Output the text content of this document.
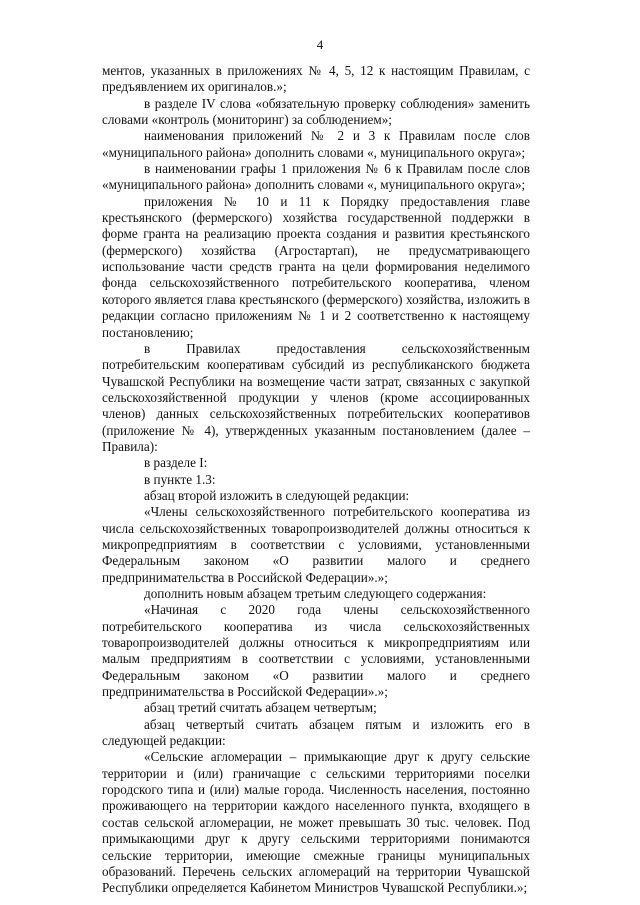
4

ментов, указанных в приложениях № 4, 5, 12 к настоящим Правилам, с предъявлением их оригиналов.»;

в разделе IV слова «обязательную проверку соблюдения» заменить словами «контроль (мониторинг) за соблюдением»;

наименования приложений № 2 и 3 к Правилам после слов «муниципального района» дополнить словами «, муниципального округа»;

в наименовании графы 1 приложения № 6 к Правилам после слов «муниципального района» дополнить словами «, муниципального округа»;

приложения № 10 и 11 к Порядку предоставления главе крестьянского (фермерского) хозяйства государственной поддержки в форме гранта на реализацию проекта создания и развития крестьянского (фермерского) хозяйства (Агростартап), не предусматривающего использование части средств гранта на цели формирования неделимого фонда сельскохозяйственного потребительского кооператива, членом которого является глава крестьянского (фермерского) хозяйства, изложить в редакции согласно приложениям № 1 и 2 соответственно к настоящему постановлению;

в Правилах предоставления сельскохозяйственным потребительским кооперативам субсидий из республиканского бюджета Чувашской Республики на возмещение части затрат, связанных с закупкой сельскохозяйственной продукции у членов (кроме ассоциированных членов) данных сельскохозяйственных потребительских кооперативов (приложение № 4), утвержденных указанным постановлением (далее – Правила):

в разделе I:

в пункте 1.3:

абзац второй изложить в следующей редакции:

«Члены сельскохозяйственного потребительского кооператива из числа сельскохозяйственных товаропроизводителей должны относиться к микропредприятиям в соответствии с условиями, установленными Федеральным законом «О развитии малого и среднего предпринимательства в Российской Федерации».»;

дополнить новым абзацем третьим следующего содержания:

«Начиная с 2020 года члены сельскохозяйственного потребительского кооператива из числа сельскохозяйственных товаропроизводителей должны относиться к микропредприятиям или малым предприятиям в соответствии с условиями, установленными Федеральным законом «О развитии малого и среднего предпринимательства в Российской Федерации».»;

абзац третий считать абзацем четвертым;

абзац четвертый считать абзацем пятым и изложить его в следующей редакции:

«Сельские агломерации – примыкающие друг к другу сельские территории и (или) граничащие с сельскими территориями поселки городского типа и (или) малые города. Численность населения, постоянно проживающего на территории каждого населенного пункта, входящего в состав сельской агломерации, не может превышать 30 тыс. человек. Под примыкающими друг к другу сельскими территориями понимаются сельские территории, имеющие смежные границы муниципальных образований. Перечень сельских агломераций на территории Чувашской Республики определяется Кабинетом Министров Чувашской Республики.»;
